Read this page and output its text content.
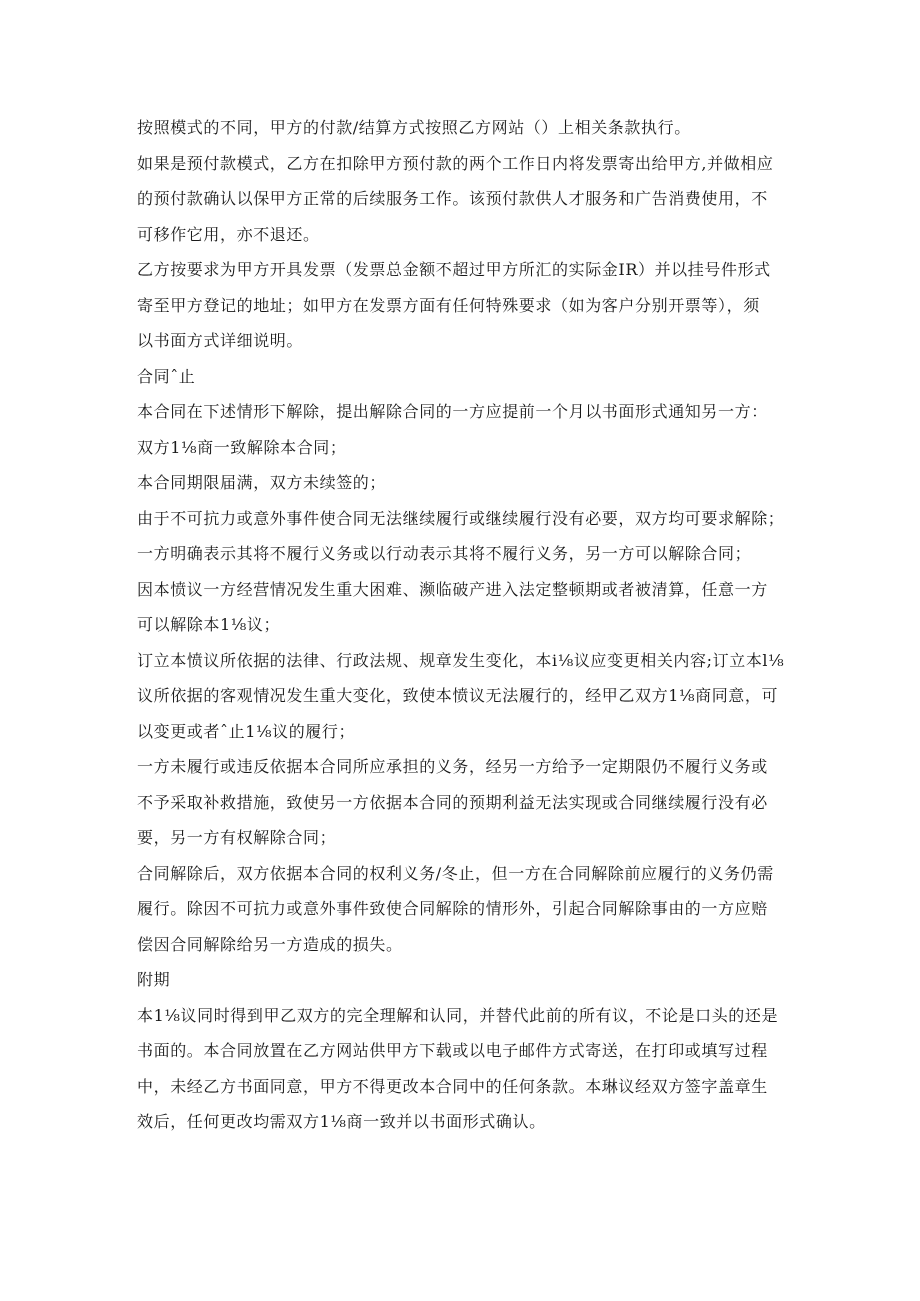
按照模式的不同，甲方的付款/结算方式按照乙方网站（）上相关条款执行。
如果是预付款模式，乙方在扣除甲方预付款的两个工作日内将发票寄出给甲方,并做相应
的预付款确认以保甲方正常的后续服务工作。该预付款供人才服务和广告消费使用，不
可移作它用，亦不退还。
乙方按要求为甲方开具发票（发票总金额不超过甲方所汇的实际金IR）并以挂号件形式
寄至甲方登记的地址；如甲方在发票方面有任何特殊要求（如为客户分别开票等），须
以书面方式详细说明。
合同ˆ止
本合同在下述情形下解除，提出解除合同的一方应提前一个月以书面形式通知另一方：
双方1⅛商一致解除本合同；
本合同期限届满，双方未续签的；
由于不可抗力或意外事件使合同无法继续履行或继续履行没有必要，双方均可要求解除；
一方明确表示其将不履行义务或以行动表示其将不履行义务，另一方可以解除合同；
因本愤议一方经营情况发生重大困难、濒临破产进入法定整顿期或者被清算，任意一方
可以解除本1⅛议；
订立本愤议所依据的法律、行政法规、规章发生变化，本i⅛议应变更相关内容;订立本l⅛
议所依据的客观情况发生重大变化，致使本愤议无法履行的，经甲乙双方1⅛商同意，可
以变更或者ˆ止1⅛议的履行；
一方未履行或违反依据本合同所应承担的义务，经另一方给予一定期限仍不履行义务或
不予采取补救措施，致使另一方依据本合同的预期利益无法实现或合同继续履行没有必
要，另一方有权解除合同；
合同解除后，双方依据本合同的权利义务/冬止，但一方在合同解除前应履行的义务仍需
履行。除因不可抗力或意外事件致使合同解除的情形外，引起合同解除事由的一方应赔
偿因合同解除给另一方造成的损失。
附期
本1⅛议同时得到甲乙双方的完全理解和认同，并替代此前的所有议，不论是口头的还是
书面的。本合同放置在乙方网站供甲方下载或以电子邮件方式寄送，在打印或填写过程
中，未经乙方书面同意，甲方不得更改本合同中的任何条款。本琳议经双方签字盖章生
效后，任何更改均需双方1⅛商一致并以书面形式确认。
